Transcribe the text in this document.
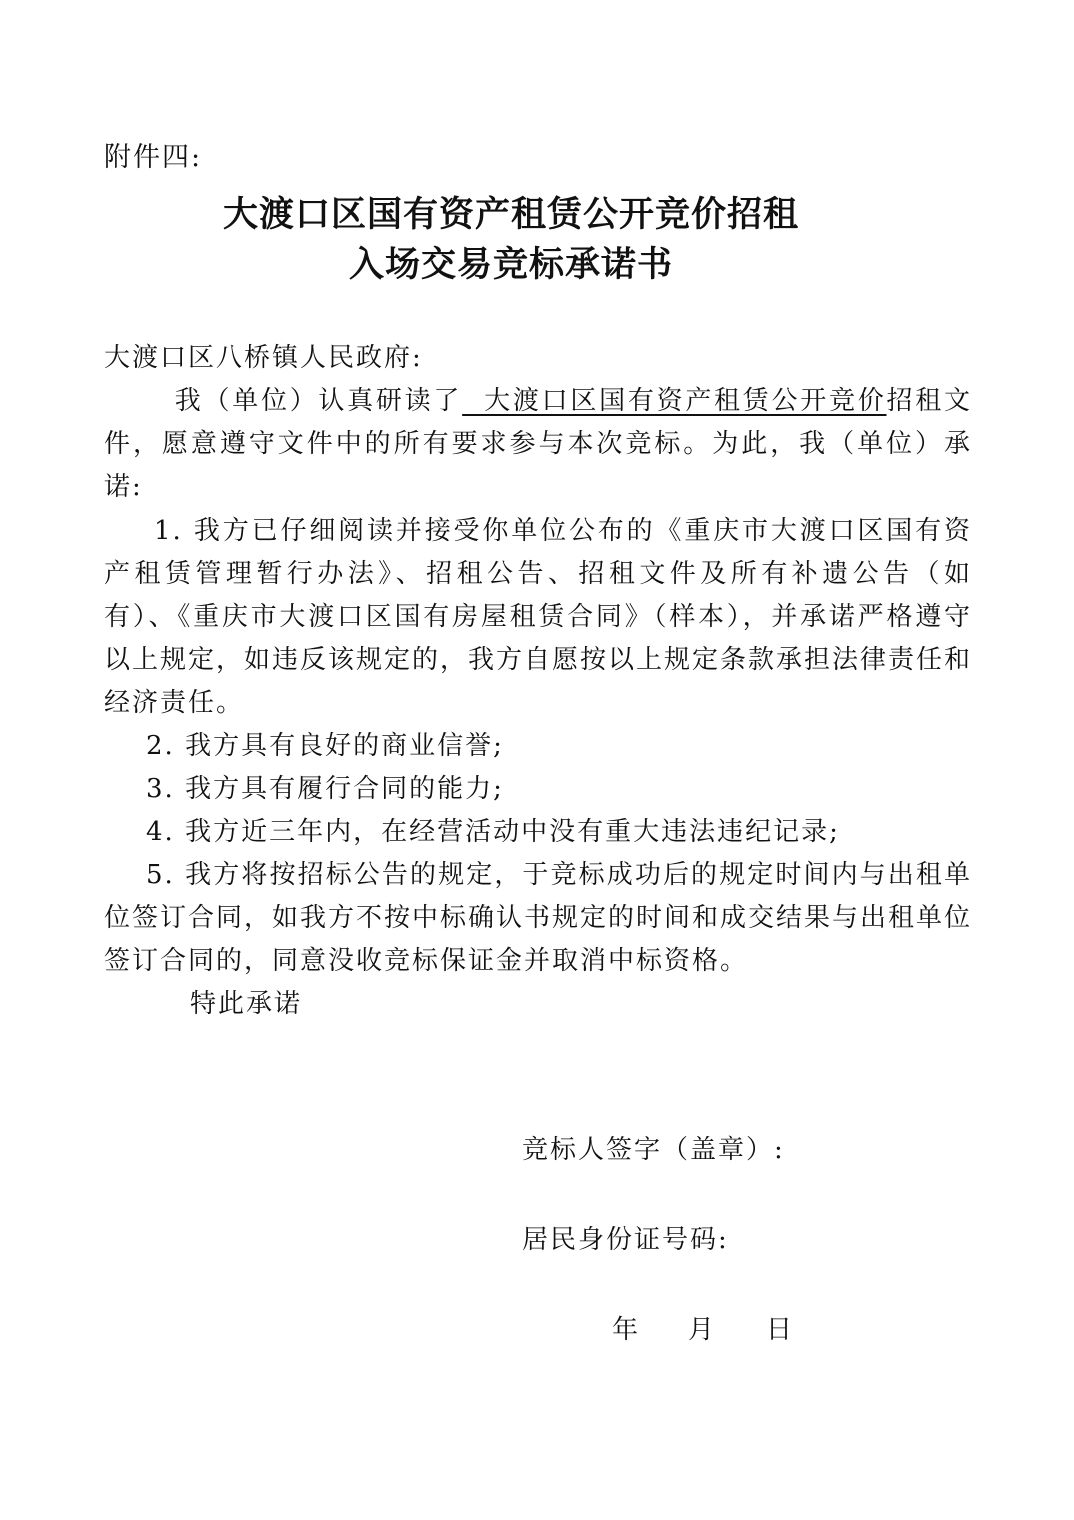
附件四:
大渡口区国有资产租赁公开竞价招租
入场交易竞标承诺书
大渡口区八桥镇人民政府:
我（单位）认真研读了  大渡口区国有资产租赁公开竞价招租文件，愿意遵守文件中的所有要求参与本次竞标。为此，我（单位）承诺:
1. 我方已仔细阅读并接受你单位公布的《重庆市大渡口区国有资产租赁管理暂行办法》、招租公告、招租文件及所有补遗公告（如有）、《重庆市大渡口区国有房屋租赁合同》（样本），并承诺严格遵守以上规定，如违反该规定的，我方自愿按以上规定条款承担法律责任和经济责任。
2. 我方具有良好的商业信誉;
3. 我方具有履行合同的能力;
4. 我方近三年内，在经营活动中没有重大违法违纪记录;
5. 我方将按招标公告的规定，于竞标成功后的规定时间内与出租单位签订合同，如我方不按中标确认书规定的时间和成交结果与出租单位签订合同的，同意没收竞标保证金并取消中标资格。
特此承诺
竞标人签字（盖章）:
居民身份证号码:
年	月	日
